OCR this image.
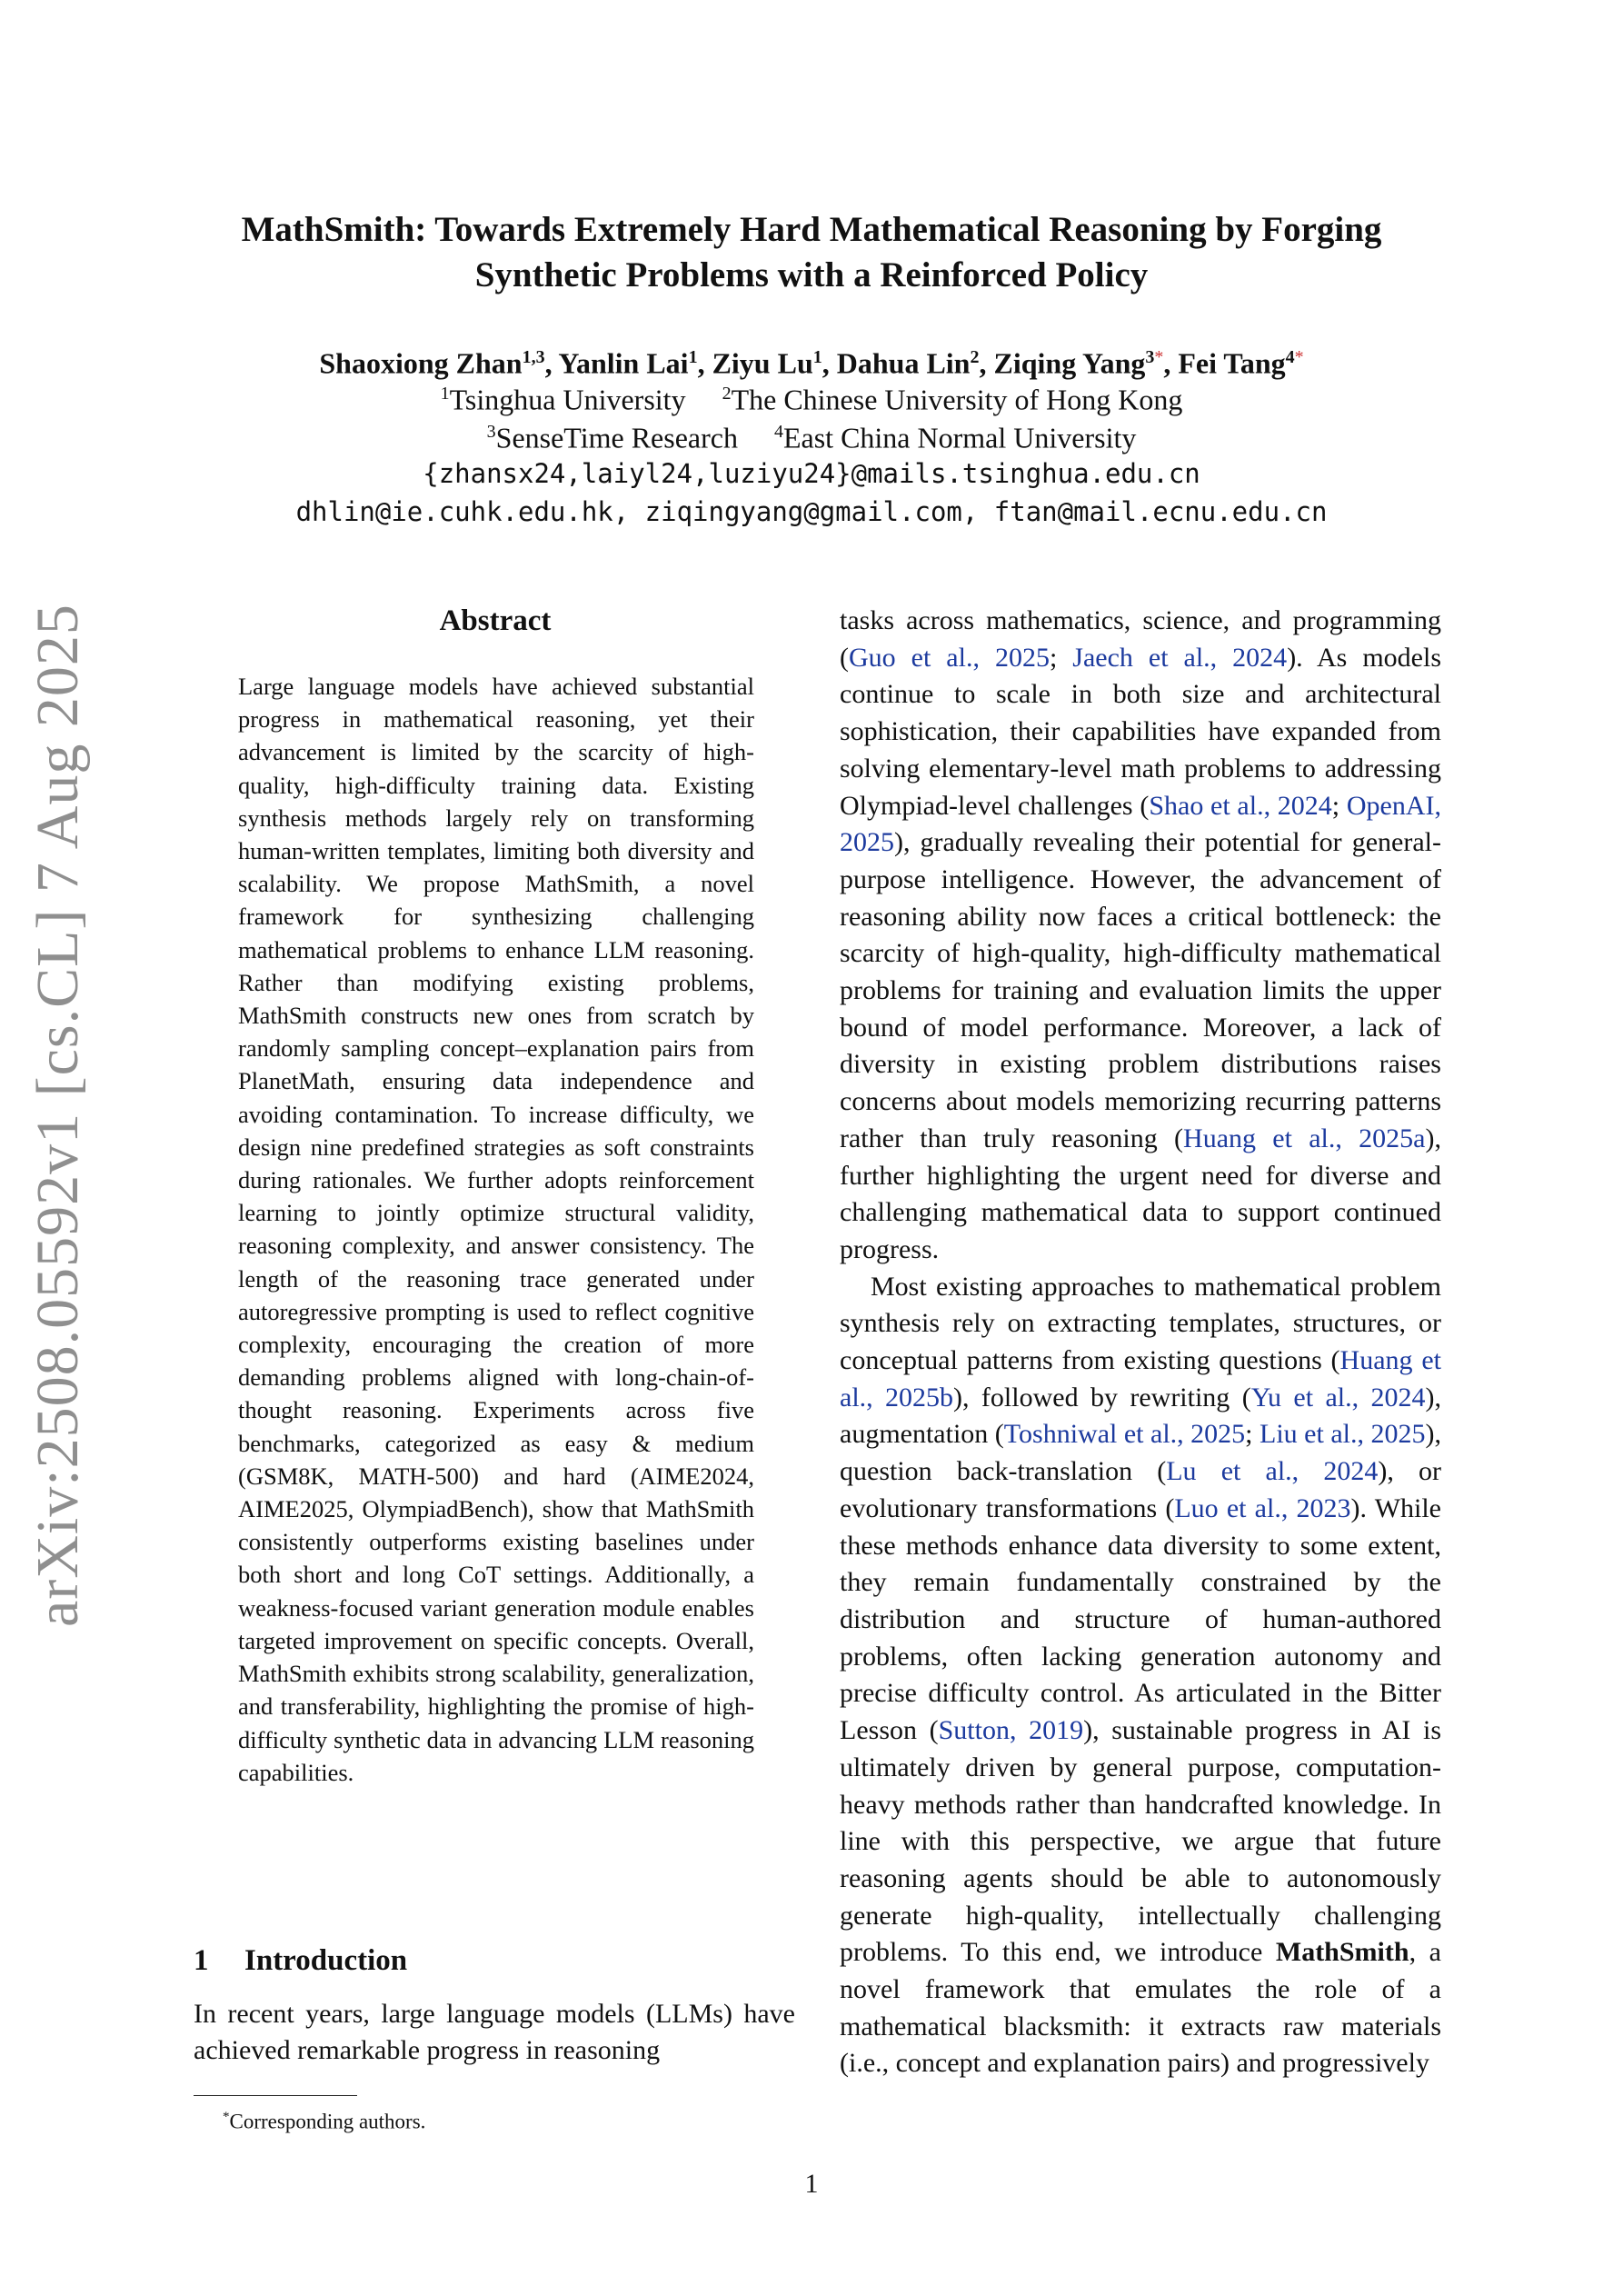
arXiv:2508.05592v1 [cs.CL] 7 Aug 2025
MathSmith: Towards Extremely Hard Mathematical Reasoning by Forging
Synthetic Problems with a Reinforced Policy
Shaoxiong Zhan$^{1,3}$, Yanlin Lai$^1$, Ziyu Lu$^1$, Dahua Lin$^2$, Ziqing Yang$^{3*}$, Fei Tang$^{4*}$
$^1$Tsinghua University $^2$The Chinese University of Hong Kong
$^3$SenseTime Research $^4$East China Normal University
{zhansx24,laiyl24,luziyu24}@mails.tsinghua.edu.cn
dhlin@ie.cuhk.edu.hk, ziqingyang@gmail.com, ftan@mail.ecnu.edu.cn
Abstract
Large language models have achieved substantial progress in mathematical reasoning, yet their advancement is limited by the scarcity of high-quality, high-difficulty training data. Existing synthesis methods largely rely on transforming human-written templates, limiting both diversity and scalability. We propose MathSmith, a novel framework for synthesizing challenging mathematical problems to enhance LLM reasoning. Rather than modifying existing problems, MathSmith constructs new ones from scratch by randomly sampling concept–explanation pairs from PlanetMath, ensuring data independence and avoiding contamination. To increase difficulty, we design nine predefined strategies as soft constraints during rationales. We further adopts reinforcement learning to jointly optimize structural validity, reasoning complexity, and answer consistency. The length of the reasoning trace generated under autoregressive prompting is used to reflect cognitive complexity, encouraging the creation of more demanding problems aligned with long-chain-of-thought reasoning. Experiments across five benchmarks, categorized as easy & medium (GSM8K, MATH-500) and hard (AIME2024, AIME2025, OlympiadBench), show that MathSmith consistently outperforms existing baselines under both short and long CoT settings. Additionally, a weakness-focused variant generation module enables targeted improvement on specific concepts. Overall, MathSmith exhibits strong scalability, generalization, and transferability, highlighting the promise of high-difficulty synthetic data in advancing LLM reasoning capabilities.
1 Introduction
In recent years, large language models (LLMs) have achieved remarkable progress in reasoning
*Corresponding authors.

tasks across mathematics, science, and programming (Guo et al., 2025; Jaech et al., 2024). As models continue to scale in both size and architectural sophistication, their capabilities have expanded from solving elementary-level math problems to addressing Olympiad-level challenges (Shao et al., 2024; OpenAI, 2025), gradually revealing their potential for general-purpose intelligence. However, the advancement of reasoning ability now faces a critical bottleneck: the scarcity of high-quality, high-difficulty mathematical problems for training and evaluation limits the upper bound of model performance. Moreover, a lack of diversity in existing problem distributions raises concerns about models memorizing recurring patterns rather than truly reasoning (Huang et al., 2025a), further highlighting the urgent need for diverse and challenging mathematical data to support continued progress.

Most existing approaches to mathematical problem synthesis rely on extracting templates, structures, or conceptual patterns from existing questions (Huang et al., 2025b), followed by rewriting (Yu et al., 2024), augmentation (Toshniwal et al., 2025; Liu et al., 2025), question back-translation (Lu et al., 2024), or evolutionary transformations (Luo et al., 2023). While these methods enhance data diversity to some extent, they remain fundamentally constrained by the distribution and structure of human-authored problems, often lacking generation autonomy and precise difficulty control. As articulated in the Bitter Lesson (Sutton, 2019), sustainable progress in AI is ultimately driven by general purpose, computation-heavy methods rather than handcrafted knowledge. In line with this perspective, we argue that future reasoning agents should be able to autonomously generate high-quality, intellectually challenging problems. To this end, we introduce MathSmith, a novel framework that emulates the role of a mathematical blacksmith: it extracts raw materials (i.e., concept and explanation pairs) and progressively

1
